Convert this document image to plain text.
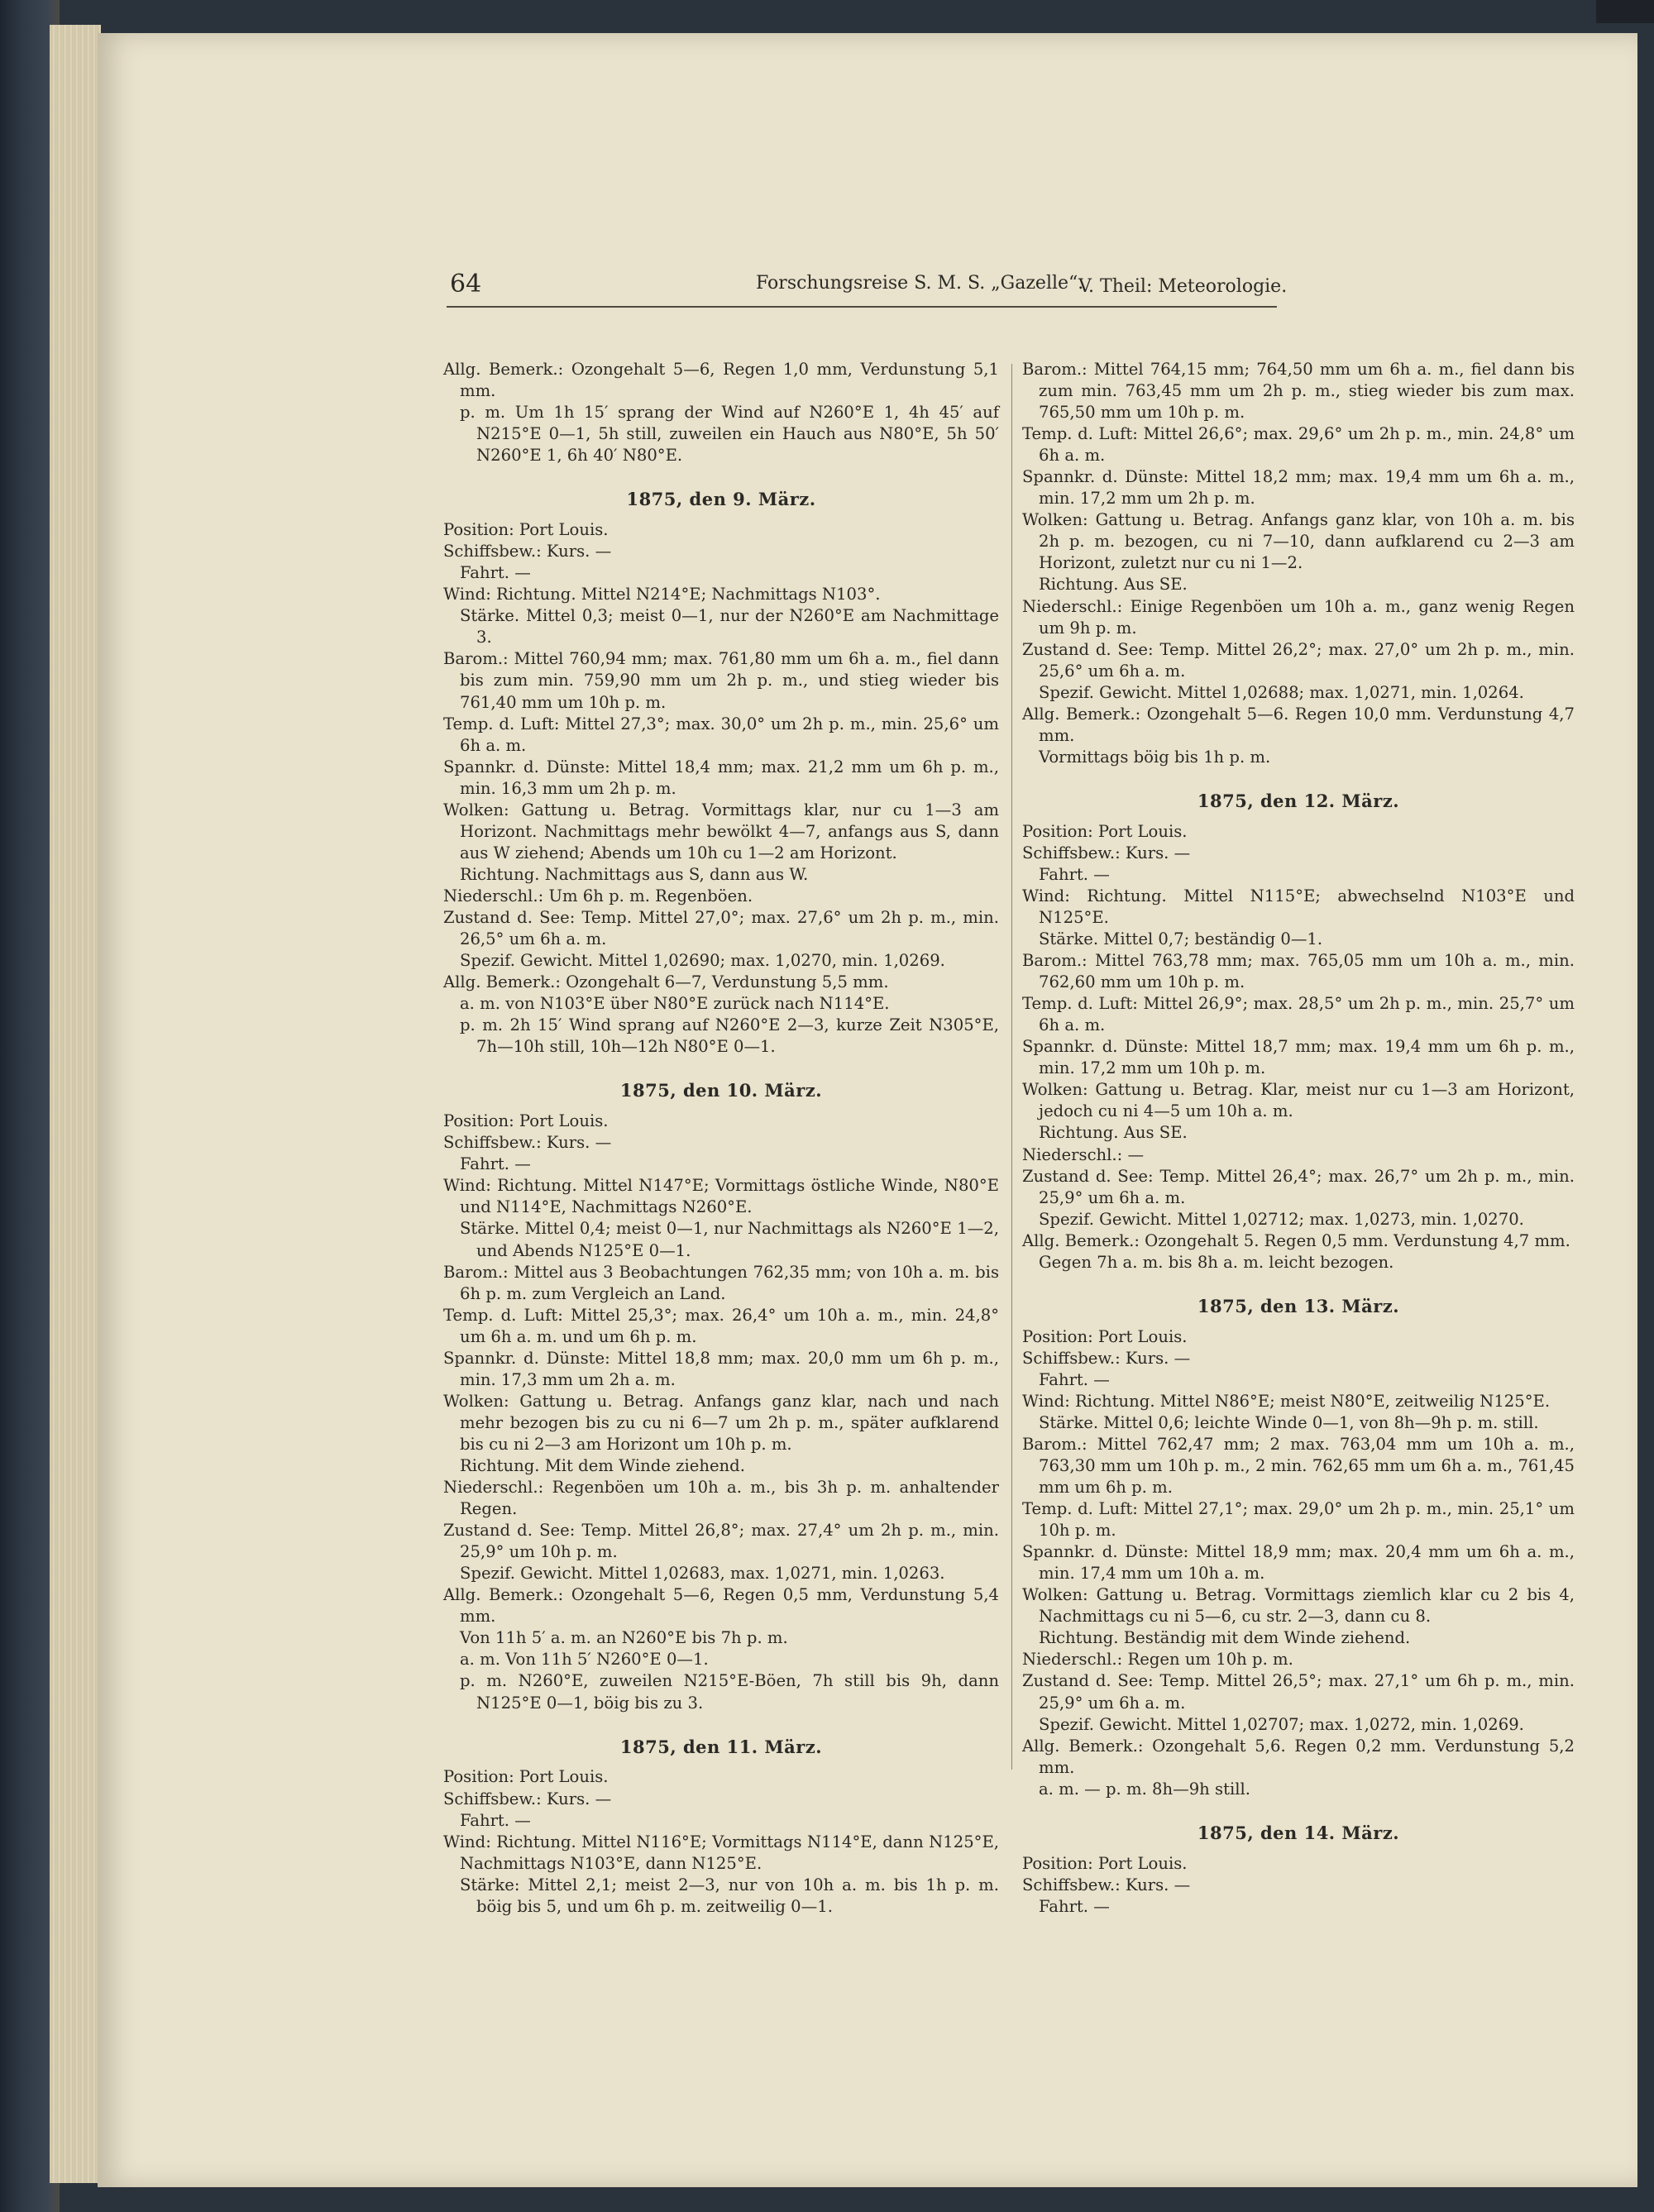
64	Forschungsreise S. M. S. „Gazelle“.
V. Theil: Meteorologie.

Allg. Bemerk.: Ozongehalt 5—6, Regen 1,0 mm, Verdunstung 5,1 mm.

p. m. Um 1h 15′ sprang der Wind auf N260°E 1, 4h 45′ auf N215°E 0—1, 5h still, zuweilen ein Hauch aus N80°E, 5h 50′ N260°E 1, 6h 40′ N80°E.

1875, den 9. März.

Position: Port Louis.

Schiffsbew.: Kurs. —

Fahrt. —

Wind: Richtung. Mittel N214°E; Nachmittags N103°.

Stärke. Mittel 0,3; meist 0—1, nur der N260°E am Nachmittage 3.

Barom.: Mittel 760,94 mm; max. 761,80 mm um 6h a. m., fiel dann bis zum min. 759,90 mm um 2h p. m., und stieg wieder bis 761,40 mm um 10h p. m.

Temp. d. Luft: Mittel 27,3°; max. 30,0° um 2h p. m., min. 25,6° um 6h a. m.

Spannkr. d. Dünste: Mittel 18,4 mm; max. 21,2 mm um 6h p. m., min. 16,3 mm um 2h p. m.

Wolken: Gattung u. Betrag. Vormittags klar, nur cu 1—3 am Horizont. Nachmittags mehr bewölkt 4—7, anfangs aus S, dann aus W ziehend; Abends um 10h cu 1—2 am Horizont.

Richtung. Nachmittags aus S, dann aus W.

Niederschl.: Um 6h p. m. Regenböen.

Zustand d. See: Temp. Mittel 27,0°; max. 27,6° um 2h p. m., min. 26,5° um 6h a. m.

Spezif. Gewicht. Mittel 1,02690; max. 1,0270, min. 1,0269.

Allg. Bemerk.: Ozongehalt 6—7, Verdunstung 5,5 mm.

a. m. von N103°E über N80°E zurück nach N114°E.

p. m. 2h 15′ Wind sprang auf N260°E 2—3, kurze Zeit N305°E, 7h—10h still, 10h—12h N80°E 0—1.

1875, den 10. März.

Position: Port Louis.

Schiffsbew.: Kurs. —

Fahrt. —

Wind: Richtung. Mittel N147°E; Vormittags östliche Winde, N80°E und N114°E, Nachmittags N260°E.

Stärke. Mittel 0,4; meist 0—1, nur Nachmittags als N260°E 1—2, und Abends N125°E 0—1.

Barom.: Mittel aus 3 Beobachtungen 762,35 mm; von 10h a. m. bis 6h p. m. zum Vergleich an Land.

Temp. d. Luft: Mittel 25,3°; max. 26,4° um 10h a. m., min. 24,8° um 6h a. m. und um 6h p. m.

Spannkr. d. Dünste: Mittel 18,8 mm; max. 20,0 mm um 6h p. m., min. 17,3 mm um 2h a. m.

Wolken: Gattung u. Betrag. Anfangs ganz klar, nach und nach mehr bezogen bis zu cu ni 6—7 um 2h p. m., später aufklarend bis cu ni 2—3 am Horizont um 10h p. m.

Richtung. Mit dem Winde ziehend.

Niederschl.: Regenböen um 10h a. m., bis 3h p. m. anhaltender Regen.

Zustand d. See: Temp. Mittel 26,8°; max. 27,4° um 2h p. m., min. 25,9° um 10h p. m.

Spezif. Gewicht. Mittel 1,02683, max. 1,0271, min. 1,0263.

Allg. Bemerk.: Ozongehalt 5—6, Regen 0,5 mm, Verdunstung 5,4 mm.

Von 11h 5′ a. m. an N260°E bis 7h p. m.

a. m. Von 11h 5′ N260°E 0—1.

p. m. N260°E, zuweilen N215°E-Böen, 7h still bis 9h, dann N125°E 0—1, böig bis zu 3.

1875, den 11. März.

Position: Port Louis.

Schiffsbew.: Kurs. —

Fahrt. —

Wind: Richtung. Mittel N116°E; Vormittags N114°E, dann N125°E, Nachmittags N103°E, dann N125°E.

Stärke: Mittel 2,1; meist 2—3, nur von 10h a. m. bis 1h p. m. böig bis 5, und um 6h p. m. zeitweilig 0—1.

Barom.: Mittel 764,15 mm; 764,50 mm um 6h a. m., fiel dann bis zum min. 763,45 mm um 2h p. m., stieg wieder bis zum max. 765,50 mm um 10h p. m.

Temp. d. Luft: Mittel 26,6°; max. 29,6° um 2h p. m., min. 24,8° um 6h a. m.

Spannkr. d. Dünste: Mittel 18,2 mm; max. 19,4 mm um 6h a. m., min. 17,2 mm um 2h p. m.

Wolken: Gattung u. Betrag. Anfangs ganz klar, von 10h a. m. bis 2h p. m. bezogen, cu ni 7—10, dann aufklarend cu 2—3 am Horizont, zuletzt nur cu ni 1—2.

Richtung. Aus SE.

Niederschl.: Einige Regenböen um 10h a. m., ganz wenig Regen um 9h p. m.

Zustand d. See: Temp. Mittel 26,2°; max. 27,0° um 2h p. m., min. 25,6° um 6h a. m.

Spezif. Gewicht. Mittel 1,02688; max. 1,0271, min. 1,0264.

Allg. Bemerk.: Ozongehalt 5—6. Regen 10,0 mm. Verdunstung 4,7 mm.

Vormittags böig bis 1h p. m.

1875, den 12. März.

Position: Port Louis.

Schiffsbew.: Kurs. —

Fahrt. —

Wind: Richtung. Mittel N115°E; abwechselnd N103°E und N125°E.

Stärke. Mittel 0,7; beständig 0—1.

Barom.: Mittel 763,78 mm; max. 765,05 mm um 10h a. m., min. 762,60 mm um 10h p. m.

Temp. d. Luft: Mittel 26,9°; max. 28,5° um 2h p. m., min. 25,7° um 6h a. m.

Spannkr. d. Dünste: Mittel 18,7 mm; max. 19,4 mm um 6h p. m., min. 17,2 mm um 10h p. m.

Wolken: Gattung u. Betrag. Klar, meist nur cu 1—3 am Horizont, jedoch cu ni 4—5 um 10h a. m.

Richtung. Aus SE.

Niederschl.: —

Zustand d. See: Temp. Mittel 26,4°; max. 26,7° um 2h p. m., min. 25,9° um 6h a. m.

Spezif. Gewicht. Mittel 1,02712; max. 1,0273, min. 1,0270.

Allg. Bemerk.: Ozongehalt 5. Regen 0,5 mm. Verdunstung 4,7 mm.

Gegen 7h a. m. bis 8h a. m. leicht bezogen.

1875, den 13. März.

Position: Port Louis.

Schiffsbew.: Kurs. —

Fahrt. —

Wind: Richtung. Mittel N86°E; meist N80°E, zeitweilig N125°E.

Stärke. Mittel 0,6; leichte Winde 0—1, von 8h—9h p. m. still.

Barom.: Mittel 762,47 mm; 2 max. 763,04 mm um 10h a. m., 763,30 mm um 10h p. m., 2 min. 762,65 mm um 6h a. m., 761,45 mm um 6h p. m.

Temp. d. Luft: Mittel 27,1°; max. 29,0° um 2h p. m., min. 25,1° um 10h p. m.

Spannkr. d. Dünste: Mittel 18,9 mm; max. 20,4 mm um 6h a. m., min. 17,4 mm um 10h a. m.

Wolken: Gattung u. Betrag. Vormittags ziemlich klar cu 2 bis 4, Nachmittags cu ni 5—6, cu str. 2—3, dann cu 8.

Richtung. Beständig mit dem Winde ziehend.

Niederschl.: Regen um 10h p. m.

Zustand d. See: Temp. Mittel 26,5°; max. 27,1° um 6h p. m., min. 25,9° um 6h a. m.

Spezif. Gewicht. Mittel 1,02707; max. 1,0272, min. 1,0269.

Allg. Bemerk.: Ozongehalt 5,6. Regen 0,2 mm. Verdunstung 5,2 mm.

a. m. — p. m. 8h—9h still.

1875, den 14. März.

Position: Port Louis.

Schiffsbew.: Kurs. —

Fahrt. —
